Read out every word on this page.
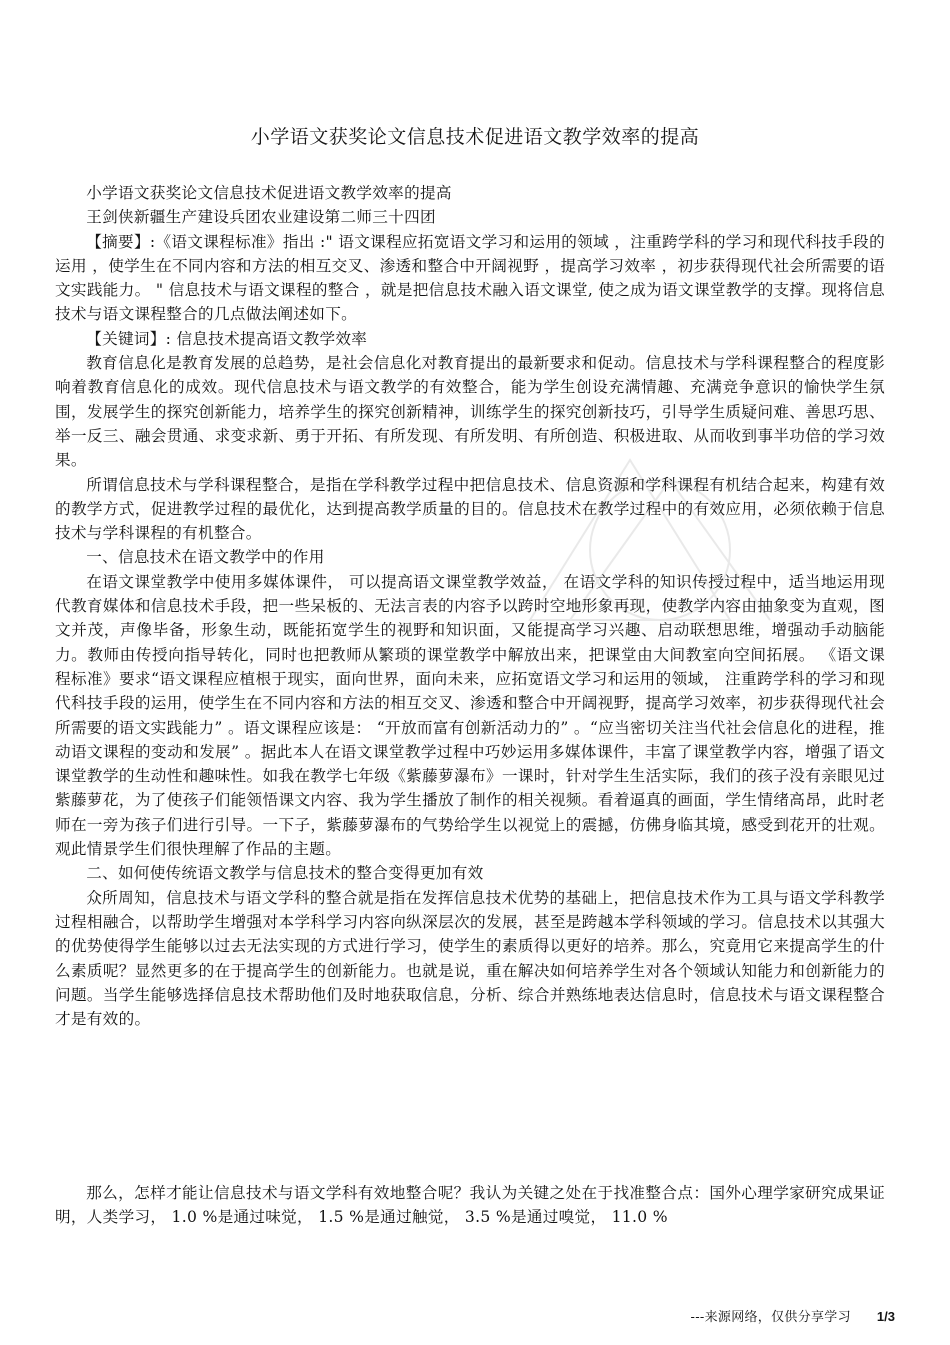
小学语文获奖论文信息技术促进语文教学效率的提高

小学语文获奖论文信息技术促进语文教学效率的提高

王剑侠新疆生产建设兵团农业建设第二师三十四团

【摘要】:《语文课程标准》指出 :" 语文课程应拓宽语文学习和运用的领域 ，注重跨学科的学习和现代科技手段的运用 ，使学生在不同内容和方法的相互交叉、渗透和整合中开阔视野 ，提高学习效率 ，初步获得现代社会所需要的语文实践能力。 " 信息技术与语文课程的整合 ，就是把信息技术融入语文课堂, 使之成为语文课堂教学的支撑。现将信息技术与语文课程整合的几点做法阐述如下。

【关键词】: 信息技术提高语文教学效率

教育信息化是教育发展的总趋势，是社会信息化对教育提出的最新要求和促动。信息技术与学科课程整合的程度影响着教育信息化的成效。现代信息技术与语文教学的有效整合，能为学生创设充满情趣、充满竞争意识的愉快学生氛围，发展学生的探究创新能力，培养学生的探究创新精神，训练学生的探究创新技巧，引导学生质疑问难、善思巧思、举一反三、融会贯通、求变求新、勇于开拓、有所发现、有所发明、有所创造、积极进取、从而收到事半功倍的学习效果。

所谓信息技术与学科课程整合，是指在学科教学过程中把信息技术、信息资源和学科课程有机结合起来，构建有效的教学方式，促进教学过程的最优化，达到提高教学质量的目的。信息技术在教学过程中的有效应用，必须依赖于信息技术与学科课程的有机整合。

一、信息技术在语文教学中的作用

在语文课堂教学中使用多媒体课件， 可以提高语文课堂教学效益， 在语文学科的知识传授过程中，适当地运用现代教育媒体和信息技术手段，把一些呆板的、无法言表的内容予以跨时空地形象再现，使教学内容由抽象变为直观，图文并茂，声像毕备，形象生动，既能拓宽学生的视野和知识面，又能提高学习兴趣、启动联想思维，增强动手动脑能力。教师由传授向指导转化，同时也把教师从繁琐的课堂教学中解放出来，把课堂由大间教室向空间拓展。 《语文课程标准》要求“语文课程应植根于现实，面向世界，面向未来，应拓宽语文学习和运用的领域， 注重跨学科的学习和现代科技手段的运用，使学生在不同内容和方法的相互交叉、渗透和整合中开阔视野，提高学习效率，初步获得现代社会所需要的语文实践能力” 。语文课程应该是： “开放而富有创新活动力的” 。“应当密切关注当代社会信息化的进程，推动语文课程的变动和发展” 。据此本人在语文课堂教学过程中巧妙运用多媒体课件，丰富了课堂教学内容，增强了语文课堂教学的生动性和趣味性。如我在教学七年级《紫藤萝瀑布》一课时，针对学生生活实际，我们的孩子没有亲眼见过紫藤萝花，为了使孩子们能领悟课文内容、我为学生播放了制作的相关视频。看着逼真的画面，学生情绪高昂，此时老师在一旁为孩子们进行引导。一下子，紫藤萝瀑布的气势给学生以视觉上的震撼，仿佛身临其境，感受到花开的壮观。观此情景学生们很快理解了作品的主题。

二、如何使传统语文教学与信息技术的整合变得更加有效

众所周知，信息技术与语文学科的整合就是指在发挥信息技术优势的基础上，把信息技术作为工具与语文学科教学过程相融合，以帮助学生增强对本学科学习内容向纵深层次的发展，甚至是跨越本学科领域的学习。信息技术以其强大的优势使得学生能够以过去无法实现的方式进行学习，使学生的素质得以更好的培养。那么，究竟用它来提高学生的什么素质呢？显然更多的在于提高学生的创新能力。也就是说，重在解决如何培养学生对各个领域认知能力和创新能力的问题。当学生能够选择信息技术帮助他们及时地获取信息，分析、综合并熟练地表达信息时，信息技术与语文课程整合才是有效的。

那么，怎样才能让信息技术与语文学科有效地整合呢？我认为关键之处在于找准整合点：国外心理学家研究成果证明，人类学习， 1.0 %是通过味觉， 1.5 %是通过触觉， 3.5 %是通过嗅觉， 11.0 %

---来源网络，仅供分享学习 1/3
